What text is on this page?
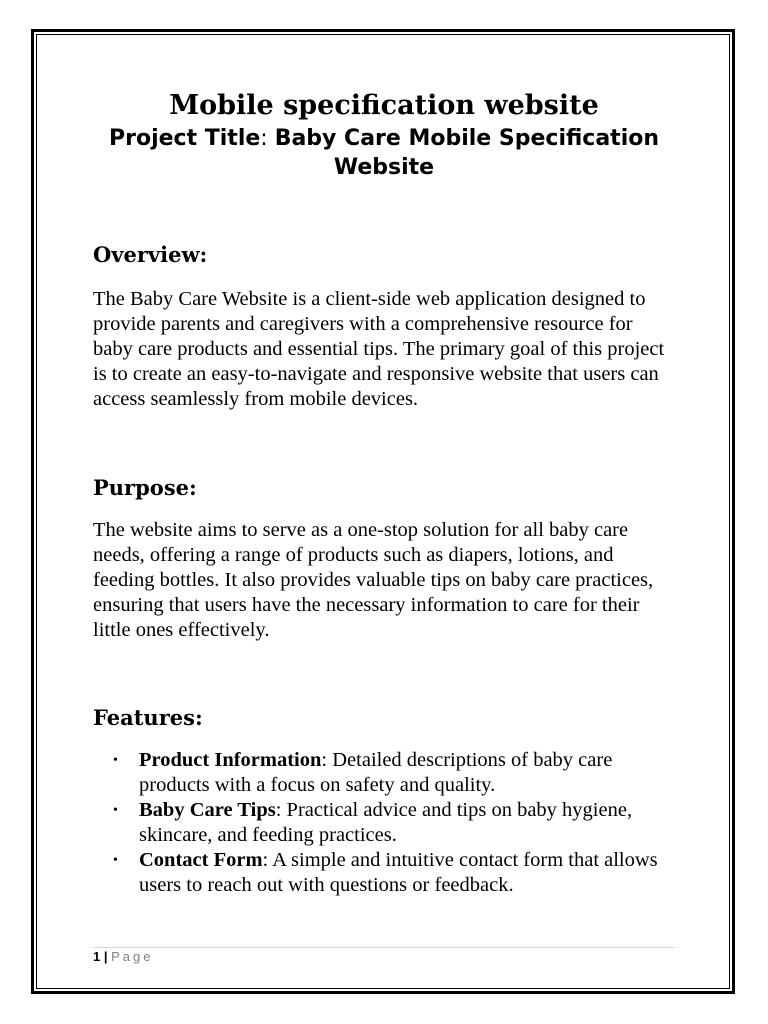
Mobile specification website
Project Title: Baby Care Mobile Specification Website
Overview:

The Baby Care Website is a client-side web application designed to provide parents and caregivers with a comprehensive resource for baby care products and essential tips. The primary goal of this project is to create an easy-to-navigate and responsive website that users can access seamlessly from mobile devices.

Purpose:

The website aims to serve as a one-stop solution for all baby care needs, offering a range of products such as diapers, lotions, and feeding bottles. It also provides valuable tips on baby care practices, ensuring that users have the necessary information to care for their little ones effectively.

Features:
• Product Information: Detailed descriptions of baby care products with a focus on safety and quality.
• Baby Care Tips: Practical advice and tips on baby hygiene, skincare, and feeding practices.
• Contact Form: A simple and intuitive contact form that allows users to reach out with questions or feedback.
1 | Page
